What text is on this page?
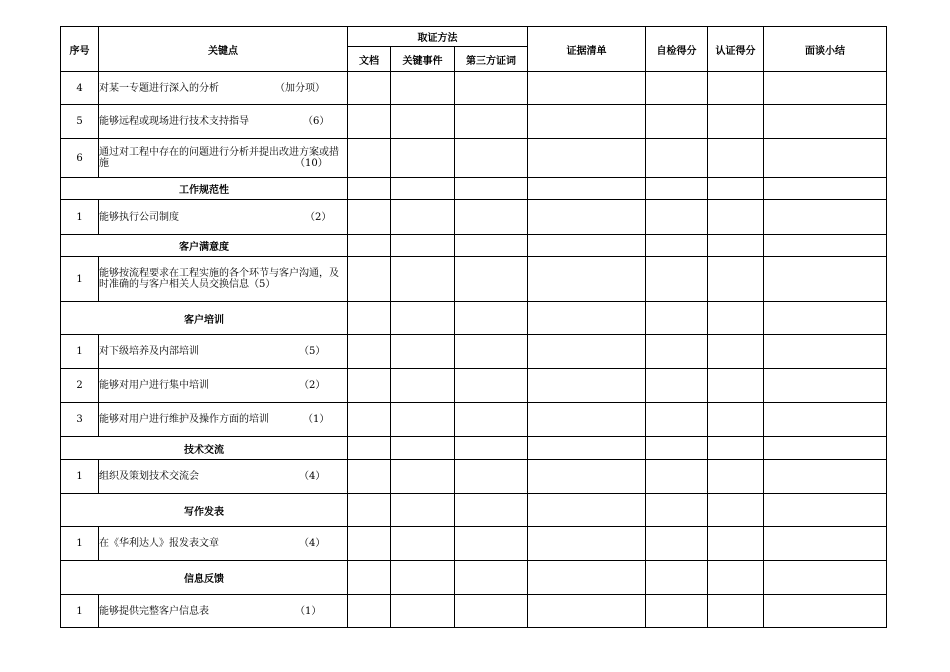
序号	关键点	取证方法			证据清单	自检得分	认证得分	面谈小结
		文档	关键事件	第三方证词				
4	对某一专题进行深入的分析 （加分项）							

5	能够远程或现场进行技术支持指导 （6）							

6	通过对工程中存在的问题进行分析并提出改进方案或措施 （10）							

工作规范性								
1	能够执行公司制度 （2）							

客户满意度								
1	能够按流程要求在工程实施的各个环节与客户沟通，及时准确的与客户相关人员交换信息（5）							

客户培训								
1	对下级培养及内部培训 （5）							

2	能够对用户进行集中培训 （2）							

3	能够对用户进行维护及操作方面的培训 （1）							

技术交流								
1	组织及策划技术交流会 （4）							

写作发表								
1	在《华利达人》报发表文章 （4）							

信息反馈								
1	能够提供完整客户信息表 （1）							
